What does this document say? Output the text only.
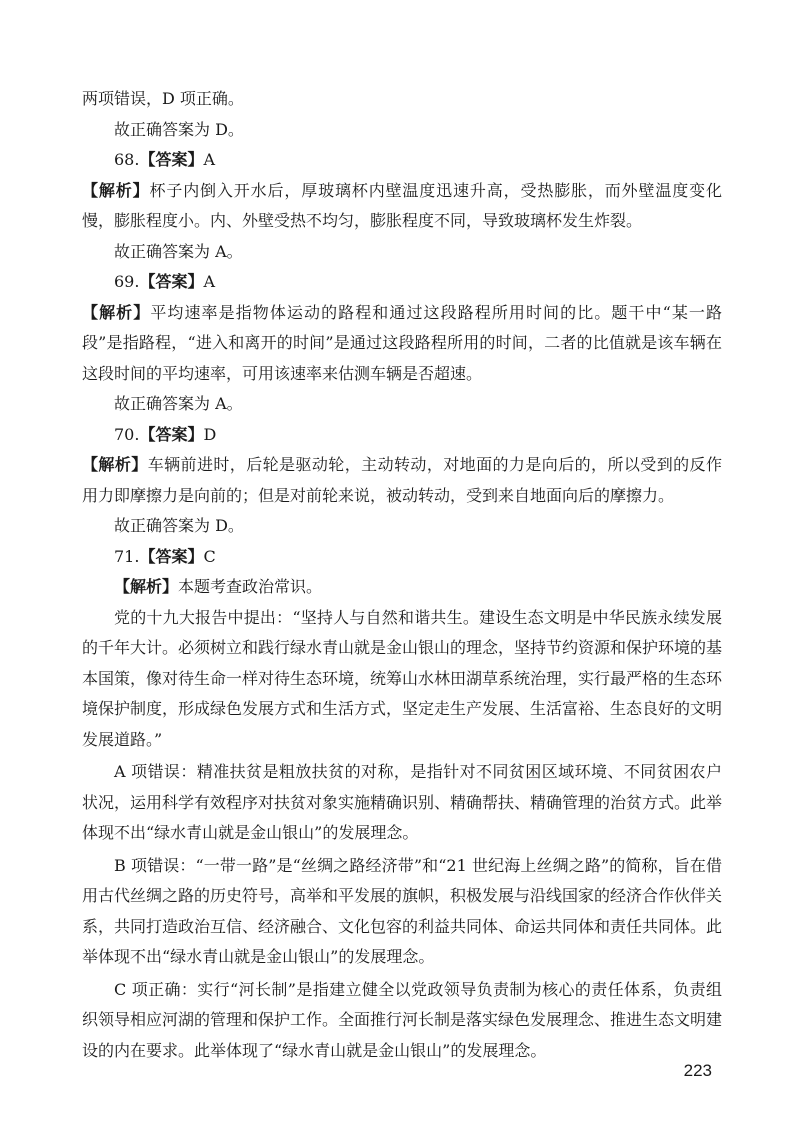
两项错误，D 项正确。

故正确答案为 D。

68.【答案】A

【解析】杯子内倒入开水后，厚玻璃杯内壁温度迅速升高，受热膨胀，而外壁温度变化慢，膨胀程度小。内、外壁受热不均匀，膨胀程度不同，导致玻璃杯发生炸裂。

故正确答案为 A。

69.【答案】A

【解析】平均速率是指物体运动的路程和通过这段路程所用时间的比。题干中“某一路段”是指路程，“进入和离开的时间”是通过这段路程所用的时间，二者的比值就是该车辆在这段时间的平均速率，可用该速率来估测车辆是否超速。

故正确答案为 A。

70.【答案】D

【解析】车辆前进时，后轮是驱动轮，主动转动，对地面的力是向后的，所以受到的反作用力即摩擦力是向前的；但是对前轮来说，被动转动，受到来自地面向后的摩擦力。

故正确答案为 D。

71.【答案】C

【解析】本题考查政治常识。

党的十九大报告中提出：“坚持人与自然和谐共生。建设生态文明是中华民族永续发展的千年大计。必须树立和践行绿水青山就是金山银山的理念，坚持节约资源和保护环境的基本国策，像对待生命一样对待生态环境，统筹山水林田湖草系统治理，实行最严格的生态环境保护制度，形成绿色发展方式和生活方式，坚定走生产发展、生活富裕、生态良好的文明发展道路。”

A 项错误：精准扶贫是粗放扶贫的对称，是指针对不同贫困区域环境、不同贫困农户状况，运用科学有效程序对扶贫对象实施精确识别、精确帮扶、精确管理的治贫方式。此举体现不出“绿水青山就是金山银山”的发展理念。

B 项错误：“一带一路”是“丝绸之路经济带”和“21 世纪海上丝绸之路”的简称，旨在借用古代丝绸之路的历史符号，高举和平发展的旗帜，积极发展与沿线国家的经济合作伙伴关系，共同打造政治互信、经济融合、文化包容的利益共同体、命运共同体和责任共同体。此举体现不出“绿水青山就是金山银山”的发展理念。

C 项正确：实行“河长制”是指建立健全以党政领导负责制为核心的责任体系，负责组织领导相应河湖的管理和保护工作。全面推行河长制是落实绿色发展理念、推进生态文明建设的内在要求。此举体现了“绿水青山就是金山银山”的发展理念。

223
